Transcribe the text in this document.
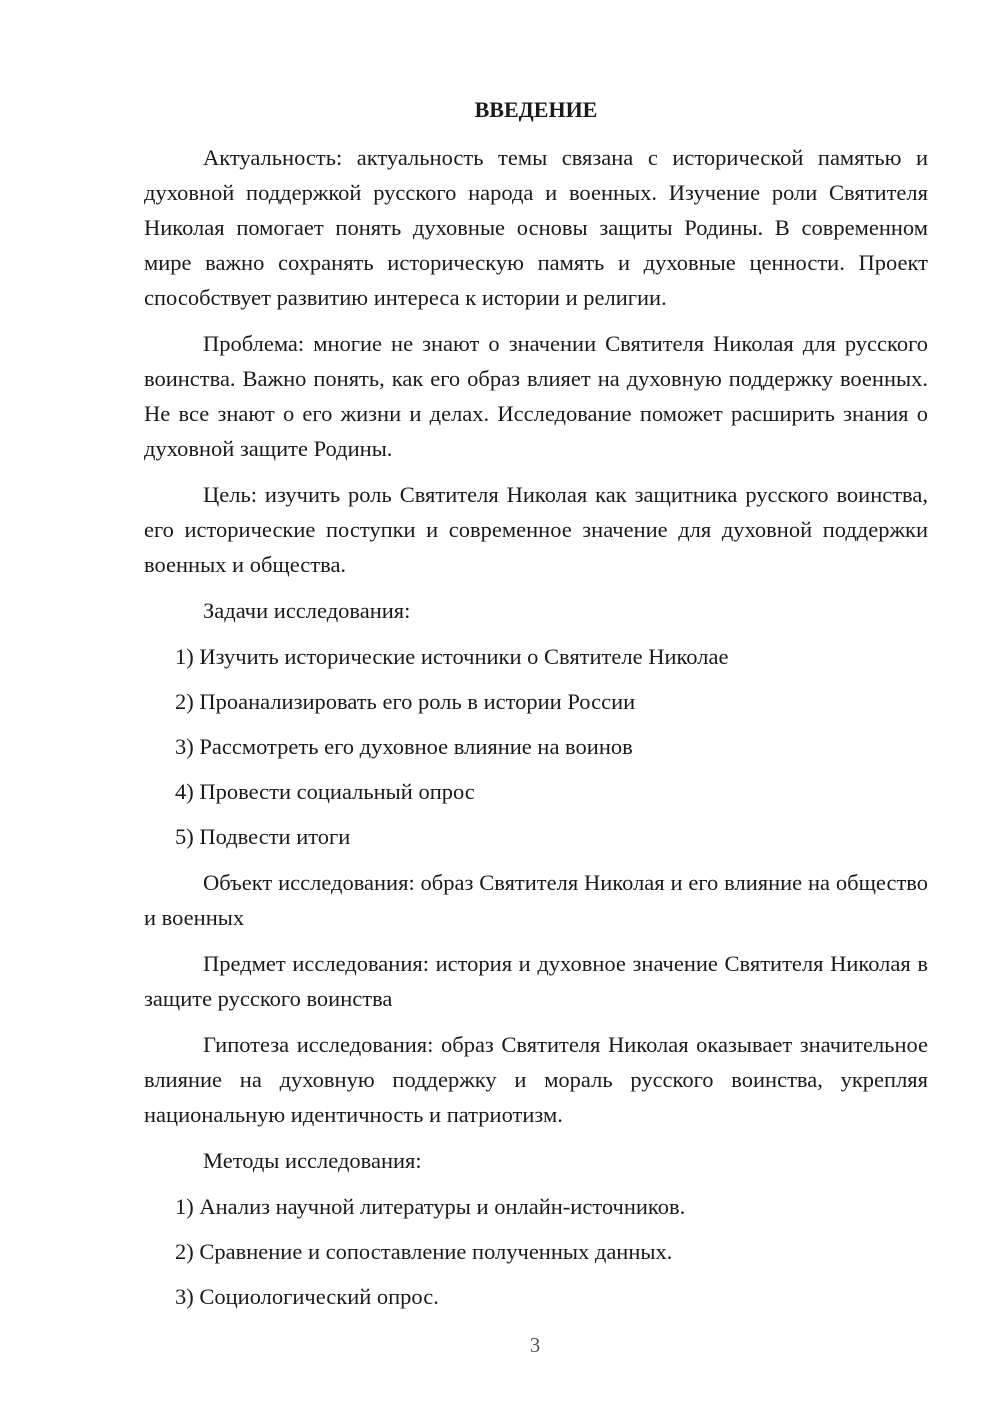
ВВЕДЕНИЕ

Актуальность: актуальность темы связана с исторической памятью и духовной поддержкой русского народа и военных. Изучение роли Святителя Николая помогает понять духовные основы защиты Родины. В современном мире важно сохранять историческую память и духовные ценности. Проект способствует развитию интереса к истории и религии.

Проблема: многие не знают о значении Святителя Николая для русского воинства. Важно понять, как его образ влияет на духовную поддержку военных. Не все знают о его жизни и делах. Исследование поможет расширить знания о духовной защите Родины.

Цель: изучить роль Святителя Николая как защитника русского воинства, его исторические поступки и современное значение для духовной поддержки военных и общества.

Задачи исследования:
1) Изучить исторические источники о Святителе Николае
2) Проанализировать его роль в истории России
3) Рассмотреть его духовное влияние на воинов
4) Провести социальный опрос
5) Подвести итоги

Объект исследования: образ Святителя Николая и его влияние на общество и военных

Предмет исследования: история и духовное значение Святителя Николая в защите русского воинства

Гипотеза исследования: образ Святителя Николая оказывает значительное влияние на духовную поддержку и мораль русского воинства, укрепляя национальную идентичность и патриотизм.

Методы исследования:
1) Анализ научной литературы и онлайн-источников.
2) Сравнение и сопоставление полученных данных.
3) Социологический опрос.
3
